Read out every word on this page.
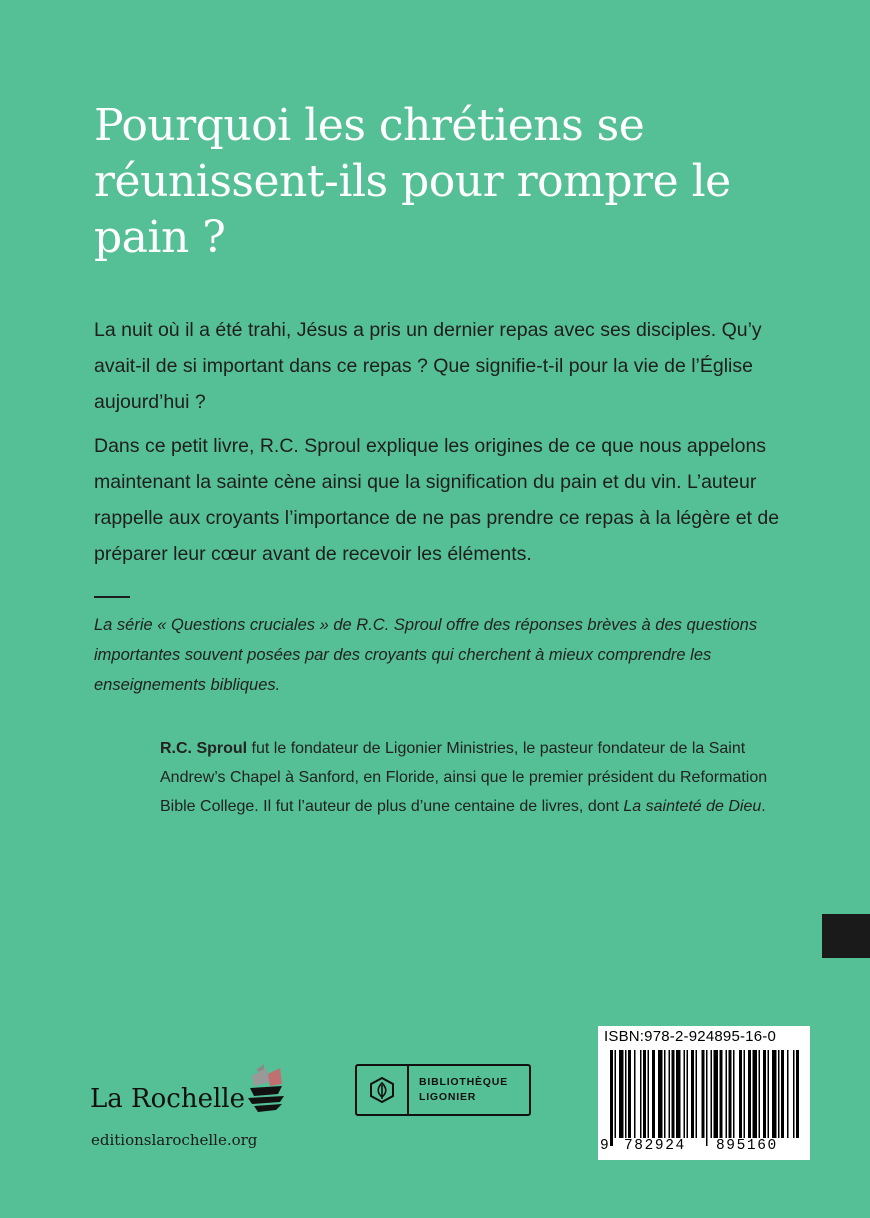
Pourquoi les chrétiens se réunissent-ils pour rompre le pain ?

La nuit où il a été trahi, Jésus a pris un dernier repas avec ses disciples. Qu’y avait-il de si important dans ce repas ? Que signifie-t-il pour la vie de l’Église aujourd’hui ?

Dans ce petit livre, R.C. Sproul explique les origines de ce que nous appelons maintenant la sainte cène ainsi que la signification du pain et du vin. L’auteur rappelle aux croyants l’importance de ne pas prendre ce repas à la légère et de préparer leur cœur avant de recevoir les éléments.

La série « Questions cruciales » de R.C. Sproul offre des réponses brèves à des questions importantes souvent posées par des croyants qui cherchent à mieux comprendre les enseignements bibliques.

R.C. Sproul fut le fondateur de Ligonier Ministries, le pasteur fondateur de la Saint Andrew’s Chapel à Sanford, en Floride, ainsi que le premier président du Reformation Bible College. Il fut l’auteur de plus d’une centaine de livres, dont La sainteté de Dieu.

La Rochelle
editionslarochelle.org
BIBLIOTHÈQUE
LIGONIER
ISBN:978-2-924895-16-0
9 782924 895160
